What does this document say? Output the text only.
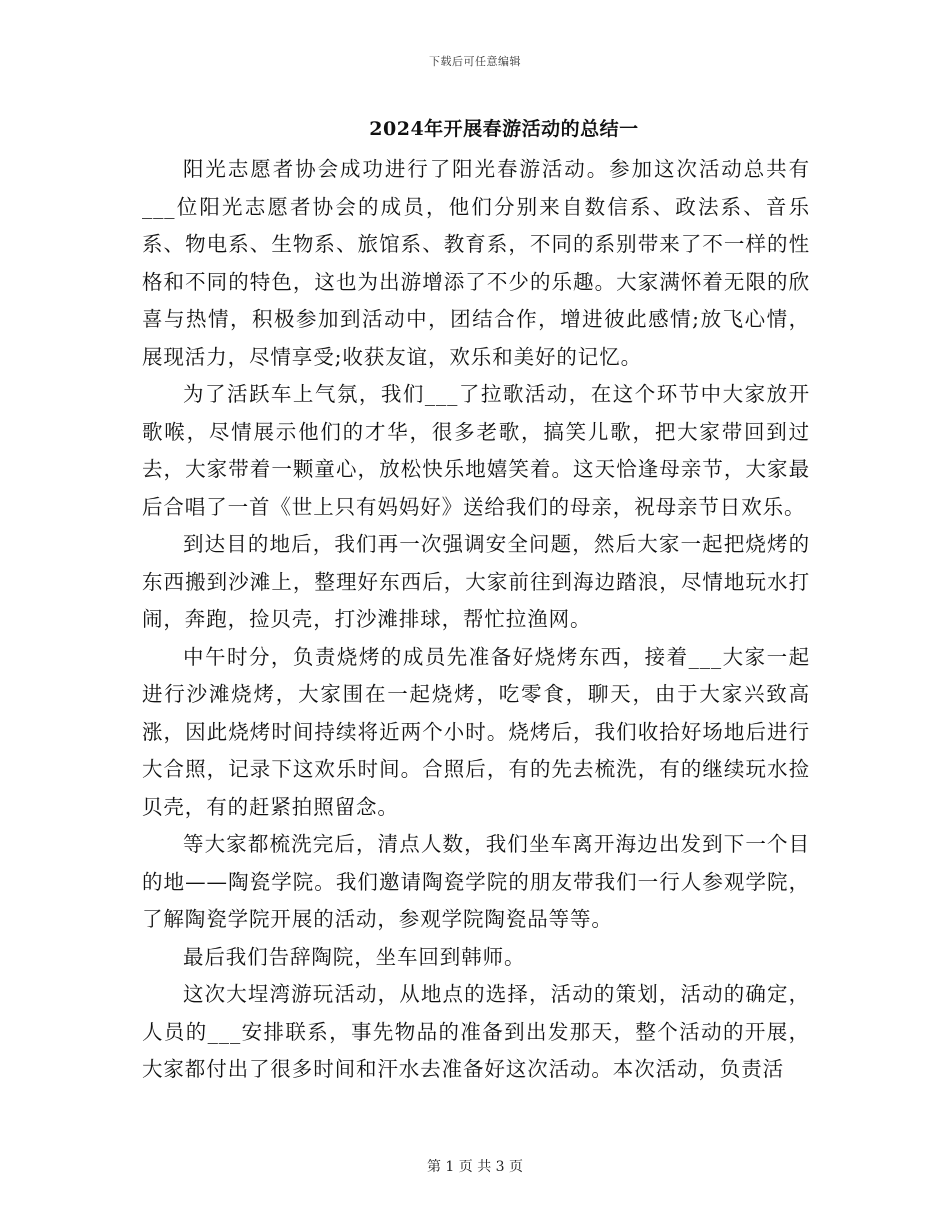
下载后可任意编辑
2024年开展春游活动的总结一

阳光志愿者协会成功进行了阳光春游活动。参加这次活动总共有___位阳光志愿者协会的成员，他们分别来自数信系、政法系、音乐系、物电系、生物系、旅馆系、教育系，不同的系别带来了不一样的性格和不同的特色，这也为出游增添了不少的乐趣。大家满怀着无限的欣喜与热情，积极参加到活动中，团结合作，增进彼此感情;放飞心情，展现活力，尽情享受;收获友谊，欢乐和美好的记忆。

为了活跃车上气氛，我们___了拉歌活动，在这个环节中大家放开歌喉，尽情展示他们的才华，很多老歌，搞笑儿歌，把大家带回到过去，大家带着一颗童心，放松快乐地嬉笑着。这天恰逢母亲节，大家最后合唱了一首《世上只有妈妈好》送给我们的母亲，祝母亲节日欢乐。

到达目的地后，我们再一次强调安全问题，然后大家一起把烧烤的东西搬到沙滩上，整理好东西后，大家前往到海边踏浪，尽情地玩水打闹，奔跑，捡贝壳，打沙滩排球，帮忙拉渔网。

中午时分，负责烧烤的成员先准备好烧烤东西，接着___大家一起进行沙滩烧烤，大家围在一起烧烤，吃零食，聊天，由于大家兴致高涨，因此烧烤时间持续将近两个小时。烧烤后，我们收拾好场地后进行大合照，记录下这欢乐时间。合照后，有的先去梳洗，有的继续玩水捡贝壳，有的赶紧拍照留念。

等大家都梳洗完后，清点人数，我们坐车离开海边出发到下一个目的地——陶瓷学院。我们邀请陶瓷学院的朋友带我们一行人参观学院，了解陶瓷学院开展的活动，参观学院陶瓷品等等。

最后我们告辞陶院，坐车回到韩师。

这次大埕湾游玩活动，从地点的选择，活动的策划，活动的确定，人员的___安排联系，事先物品的准备到出发那天，整个活动的开展，大家都付出了很多时间和汗水去准备好这次活动。本次活动，负责活

第 1 页 共 3 页
